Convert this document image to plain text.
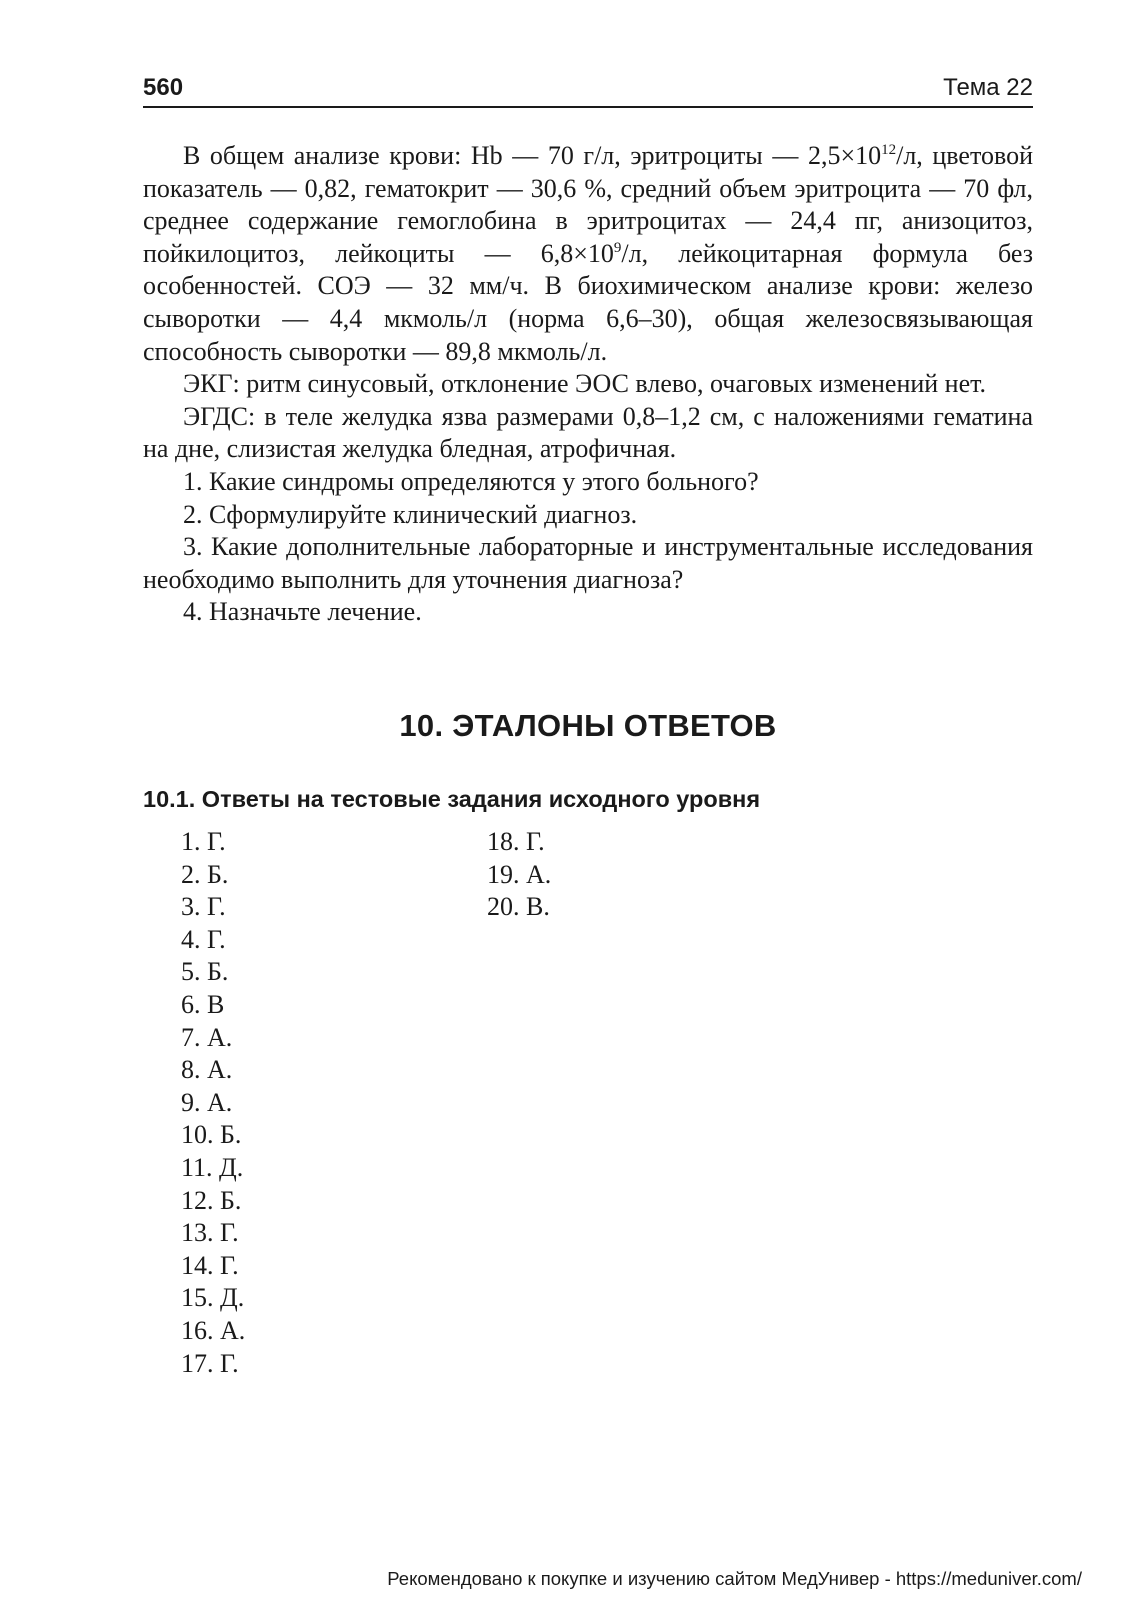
560	Тема 22

В общем анализе крови: Hb — 70 г/л, эритроциты — $2,5\times 10^{12}/л$, цветовой показатель — 0,82, гематокрит — 30,6 %, средний объем эритроцита — 70 фл, среднее содержание гемоглобина в эритроцитах — 24,4 пг, анизоцитоз, пойкилоцитоз, лейкоциты — $6,8\times 10^9/л$, лейкоцитарная формула без особенностей. СОЭ — 32 мм/ч. В биохимическом анализе крови: железо сыворотки — 4,4 мкмоль/л (норма 6,6–30), общая железосвязывающая способность сыворотки — 89,8 мкмоль/л.

ЭКГ: ритм синусовый, отклонение ЭОС влево, очаговых изменений нет.

ЭГДС: в теле желудка язва размерами 0,8–1,2 см, с наложениями гематина на дне, слизистая желудка бледная, атрофичная.

1. Какие синдромы определяются у этого больного?

2. Сформулируйте клинический диагноз.

3. Какие дополнительные лабораторные и инструментальные исследования необходимо выполнить для уточнения диагноза?

4. Назначьте лечение.

10. ЭТАЛОНЫ ОТВЕТОВ
10.1. Ответы на тестовые задания исходного уровня
1. Г.
2. Б.
3. Г.
4. Г.
5. Б.
6. В
7. А.
8. А.
9. А.
10. Б.
11. Д.
12. Б.
13. Г.
14. Г.
15. Д.
16. А.
17. Г.
18. Г.
19. А.
20. В.
Рекомендовано к покупке и изучению сайтом МедУнивер - https://meduniver.com/
